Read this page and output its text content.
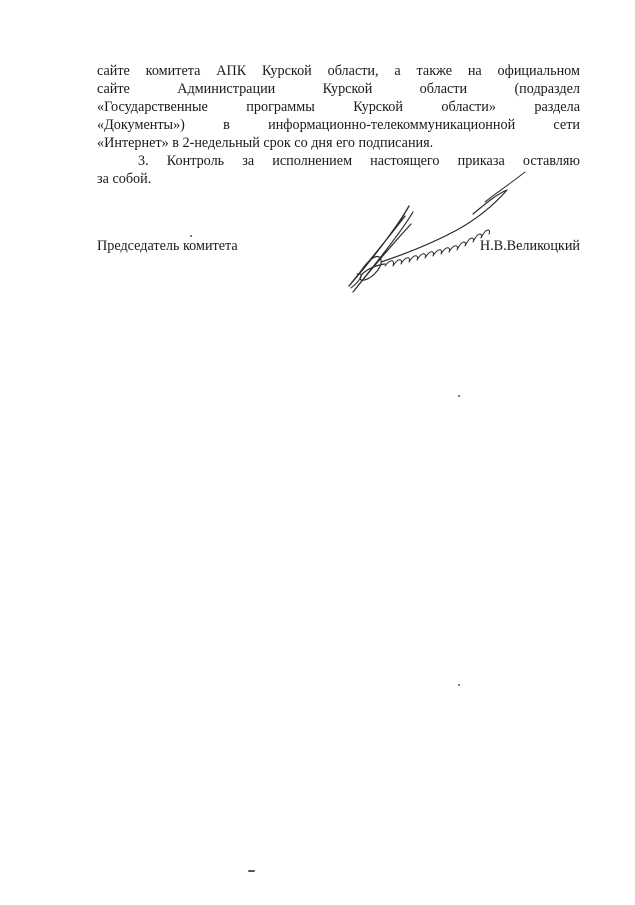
сайте комитета АПК Курской области, а также на официальном
сайте Администрации Курской области (подраздел
«Государственные программы Курской области» раздела
«Документы») в информационно-телекоммуникационной сети
«Интернет» в 2-недельный срок со дня его подписания.
3. Контроль за исполнением настоящего приказа оставляю
за собой.
Председатель комитета	Н.В.Великоцкий
